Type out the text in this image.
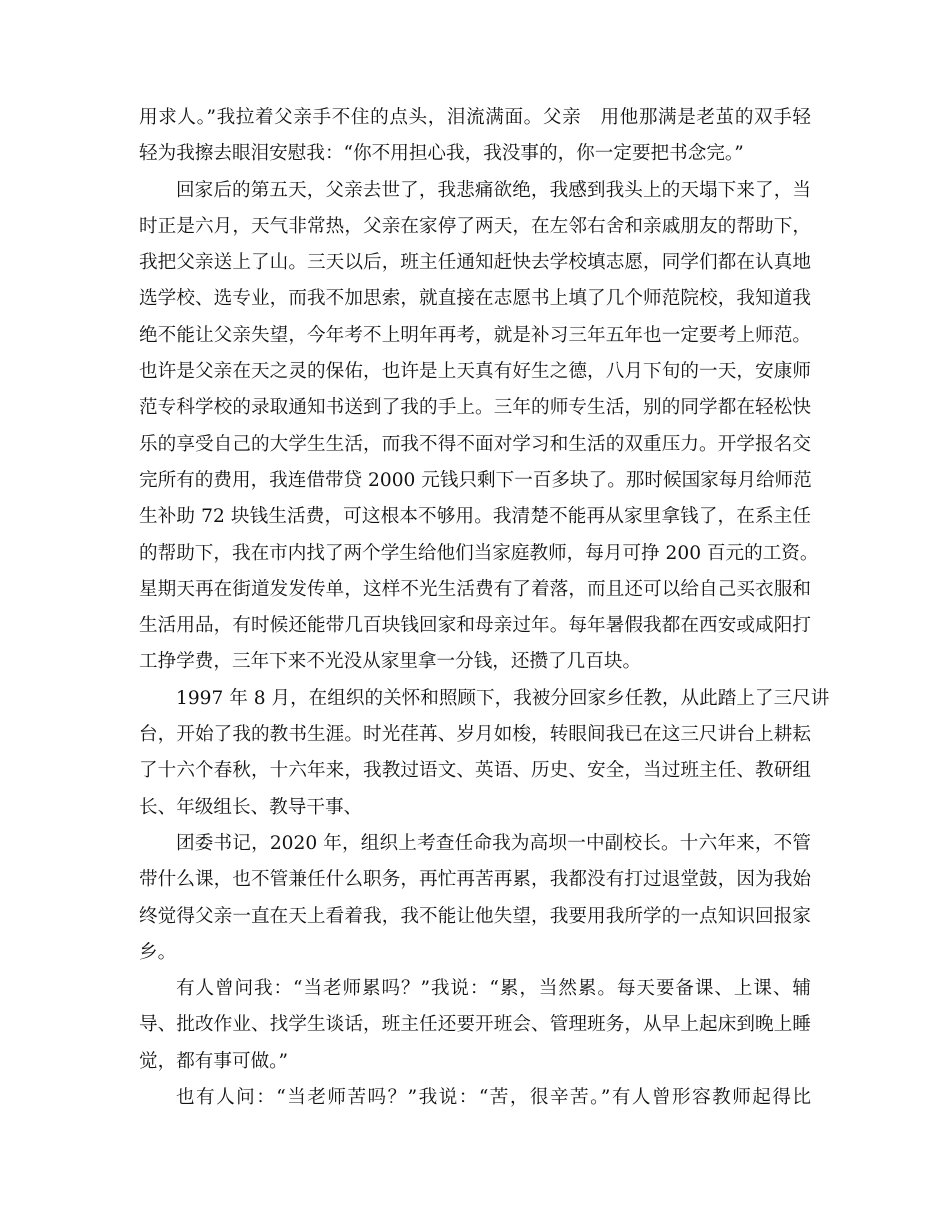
用求人。”我拉着父亲手不住的点头，泪流满面。父亲　用他那满是老茧的双手轻
轻为我擦去眼泪安慰我：“你不用担心我，我没事的，你一定要把书念完。”
回家后的第五天，父亲去世了，我悲痛欲绝，我感到我头上的天塌下来了，当
时正是六月，天气非常热，父亲在家停了两天，在左邻右舍和亲戚朋友的帮助下，
我把父亲送上了山。三天以后，班主任通知赶快去学校填志愿，同学们都在认真地
选学校、选专业，而我不加思索，就直接在志愿书上填了几个师范院校，我知道我
绝不能让父亲失望，今年考不上明年再考，就是补习三年五年也一定要考上师范。
也许是父亲在天之灵的保佑，也许是上天真有好生之德，八月下旬的一天，安康师
范专科学校的录取通知书送到了我的手上。三年的师专生活，别的同学都在轻松快
乐的享受自己的大学生生活，而我不得不面对学习和生活的双重压力。开学报名交
完所有的费用，我连借带贷 2000 元钱只剩下一百多块了。那时候国家每月给师范
生补助 72 块钱生活费，可这根本不够用。我清楚不能再从家里拿钱了，在系主任
的帮助下，我在市内找了两个学生给他们当家庭教师，每月可挣 200 百元的工资。
星期天再在街道发发传单，这样不光生活费有了着落，而且还可以给自己买衣服和
生活用品，有时候还能带几百块钱回家和母亲过年。每年暑假我都在西安或咸阳打
工挣学费，三年下来不光没从家里拿一分钱，还攒了几百块。
1997 年 8 月，在组织的关怀和照顾下，我被分回家乡任教，从此踏上了三尺讲
台，开始了我的教书生涯。时光荏苒、岁月如梭，转眼间我已在这三尺讲台上耕耘
了十六个春秋，十六年来，我教过语文、英语、历史、安全，当过班主任、教研组
长、年级组长、教导干事、
团委书记，2020 年，组织上考查任命我为高坝一中副校长。十六年来，不管
带什么课，也不管兼任什么职务，再忙再苦再累，我都没有打过退堂鼓，因为我始
终觉得父亲一直在天上看着我，我不能让他失望，我要用我所学的一点知识回报家
乡。
有人曾问我：“当老师累吗？”我说：“累，当然累。每天要备课、上课、辅
导、批改作业、找学生谈话，班主任还要开班会、管理班务，从早上起床到晚上睡
觉，都有事可做。”
也有人问：“当老师苦吗？”我说：“苦，很辛苦。”有人曾形容教师起得比
